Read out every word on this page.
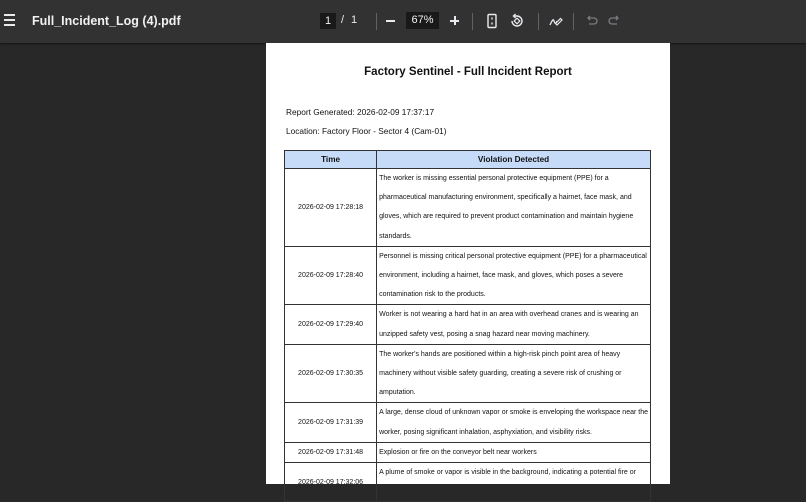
Full_Incident_Log (4).pdf
1	/ 1
67%
Factory Sentinel - Full Incident Report
Report Generated: 2026-02-09 17:37:17
Location: Factory Floor - Sector 4 (Cam-01)
Time	Violation Detected
2026-02-09 17:28:18	The worker is missing essential personal protective equipment (PPE) for a
pharmaceutical manufacturing environment, specifically a hairnet, face mask, and
gloves, which are required to prevent product contamination and maintain hygiene
standards.

2026-02-09 17:28:40	Personnel is missing critical personal protective equipment (PPE) for a pharmaceutical
environment, including a hairnet, face mask, and gloves, which poses a severe
contamination risk to the products.

2026-02-09 17:29:40	Worker is not wearing a hard hat in an area with overhead cranes and is wearing an
unzipped safety vest, posing a snag hazard near moving machinery.

2026-02-09 17:30:35	The worker's hands are positioned within a high-risk pinch point area of heavy
machinery without visible safety guarding, creating a severe risk of crushing or
amputation.

2026-02-09 17:31:39	A large, dense cloud of unknown vapor or smoke is enveloping the workspace near the
worker, posing significant inhalation, asphyxiation, and visibility risks.

2026-02-09 17:31:48	Explosion or fire on the conveyor belt near workers

2026-02-09 17:32:06	A plume of smoke or vapor is visible in the background, indicating a potential fire or
